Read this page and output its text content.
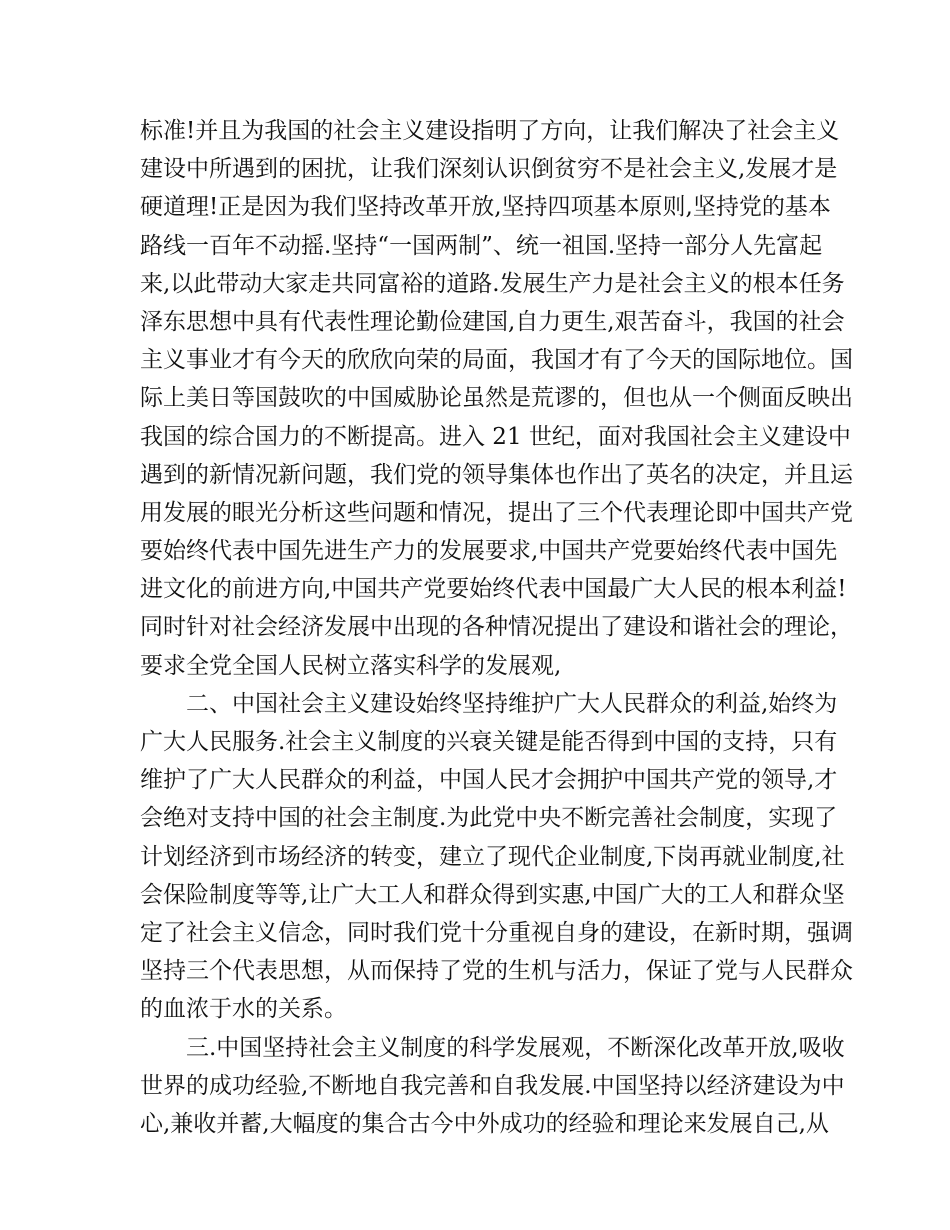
标准!并且为我国的社会主义建设指明了方向，让我们解决了社会主义
建设中所遇到的困扰，让我们深刻认识倒贫穷不是社会主义,发展才是
硬道理!正是因为我们坚持改革开放,坚持四项基本原则,坚持党的基本
路线一百年不动摇.坚持“一国两制”、统一祖国.坚持一部分人先富起
来,以此带动大家走共同富裕的道路.发展生产力是社会主义的根本任务
泽东思想中具有代表性理论勤俭建国,自力更生,艰苦奋斗，我国的社会
主义事业才有今天的欣欣向荣的局面，我国才有了今天的国际地位。国
际上美日等国鼓吹的中国威胁论虽然是荒谬的，但也从一个侧面反映出
我国的综合国力的不断提高。进入 21 世纪，面对我国社会主义建设中
遇到的新情况新问题，我们党的领导集体也作出了英名的决定，并且运
用发展的眼光分析这些问题和情况，提出了三个代表理论即中国共产党
要始终代表中国先进生产力的发展要求,中国共产党要始终代表中国先
进文化的前进方向,中国共产党要始终代表中国最广大人民的根本利益!
同时针对社会经济发展中出现的各种情况提出了建设和谐社会的理论，
要求全党全国人民树立落实科学的发展观,
二、中国社会主义建设始终坚持维护广大人民群众的利益,始终为
广大人民服务.社会主义制度的兴衰关键是能否得到中国的支持，只有
维护了广大人民群众的利益，中国人民才会拥护中国共产党的领导,才
会绝对支持中国的社会主制度.为此党中央不断完善社会制度，实现了
计划经济到市场经济的转变，建立了现代企业制度,下岗再就业制度,社
会保险制度等等,让广大工人和群众得到实惠,中国广大的工人和群众坚
定了社会主义信念，同时我们党十分重视自身的建设，在新时期，强调
坚持三个代表思想，从而保持了党的生机与活力，保证了党与人民群众
的血浓于水的关系。
三.中国坚持社会主义制度的科学发展观，不断深化改革开放,吸收
世界的成功经验,不断地自我完善和自我发展.中国坚持以经济建设为中
心,兼收并蓄,大幅度的集合古今中外成功的经验和理论来发展自己,从
